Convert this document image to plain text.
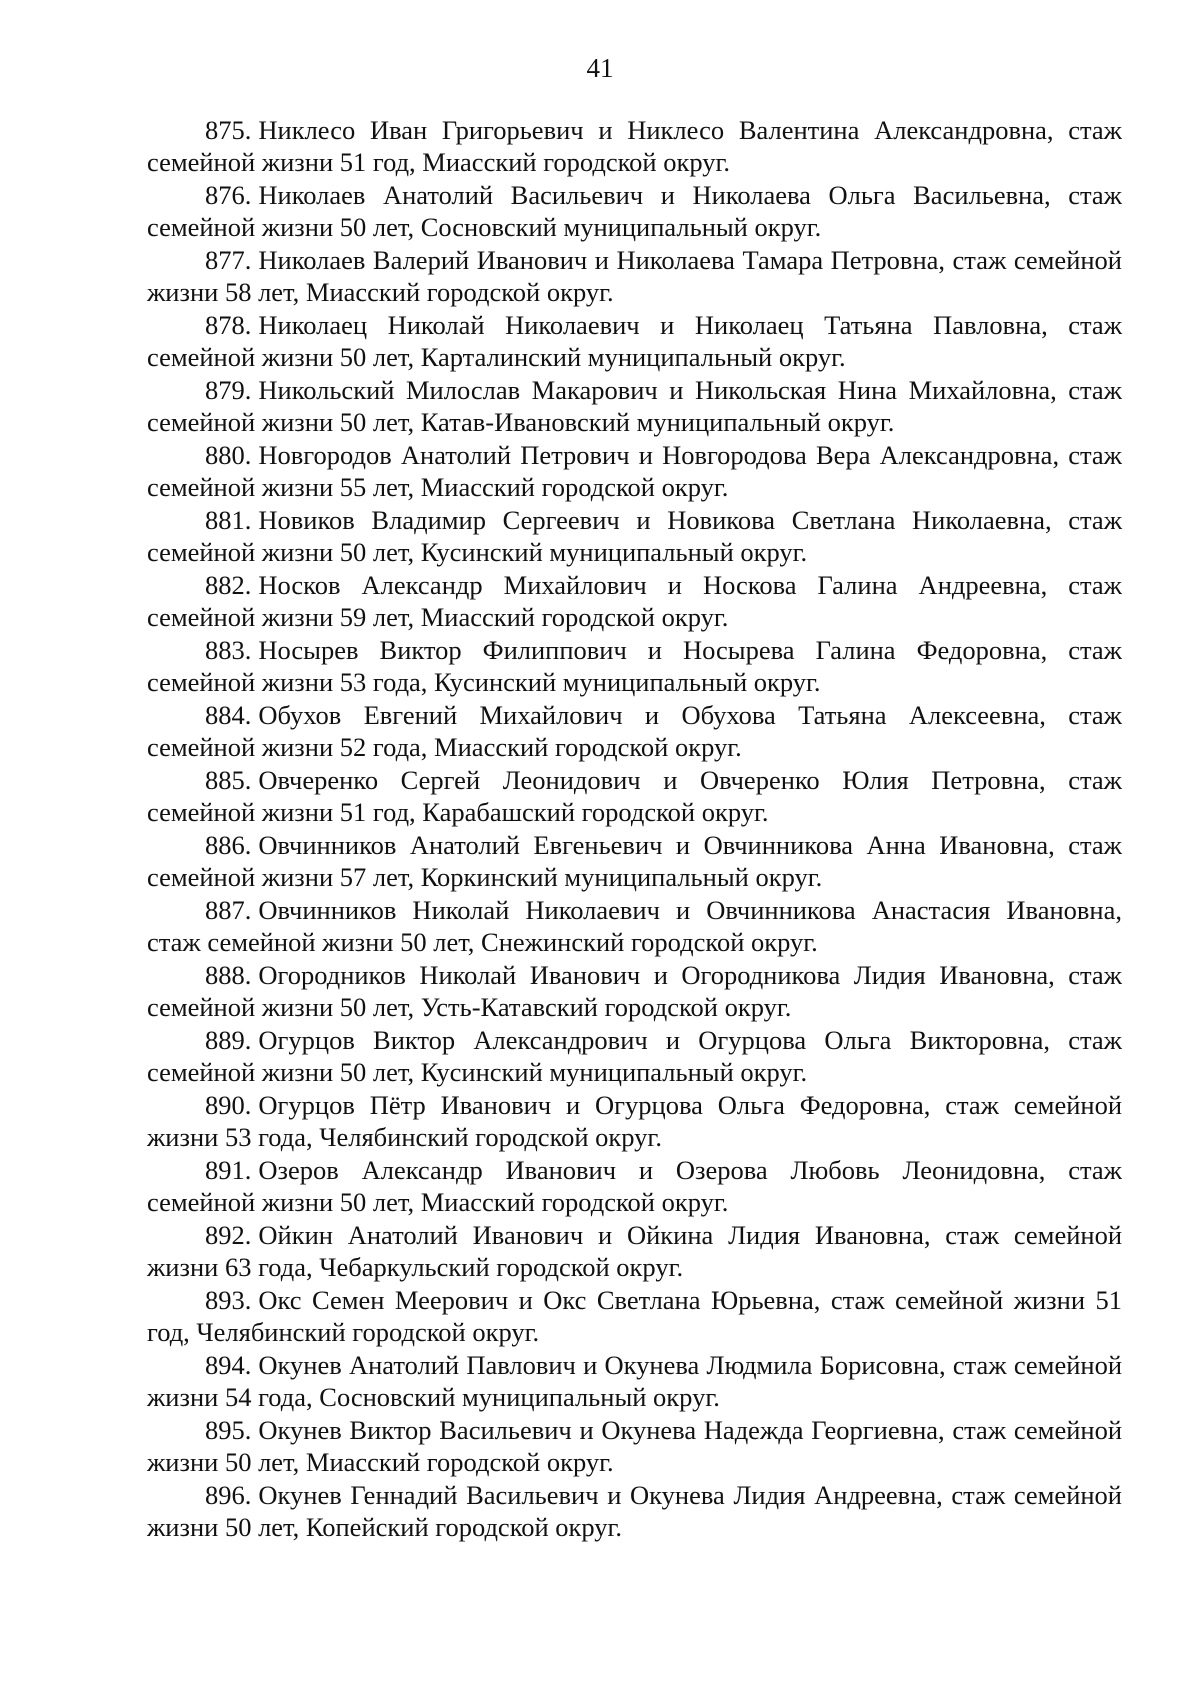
41
875. Никлесо Иван Григорьевич и Никлесо Валентина Александровна, стаж семейной жизни 51 год, Миасский городской округ.
876. Николаев Анатолий Васильевич и Николаева Ольга Васильевна, стаж семейной жизни 50 лет, Сосновский муниципальный округ.
877. Николаев Валерий Иванович и Николаева Тамара Петровна, стаж семейной жизни 58 лет, Миасский городской округ.
878. Николаец Николай Николаевич и Николаец Татьяна Павловна, стаж семейной жизни 50 лет, Карталинский муниципальный округ.
879. Никольский Милослав Макарович и Никольская Нина Михайловна, стаж семейной жизни 50 лет, Катав-Ивановский муниципальный округ.
880. Новгородов Анатолий Петрович и Новгородова Вера Александровна, стаж семейной жизни 55 лет, Миасский городской округ.
881. Новиков Владимир Сергеевич и Новикова Светлана Николаевна, стаж семейной жизни 50 лет, Кусинский муниципальный округ.
882. Носков Александр Михайлович и Носкова Галина Андреевна, стаж семейной жизни 59 лет, Миасский городской округ.
883. Носырев Виктор Филиппович и Носырева Галина Федоровна, стаж семейной жизни 53 года, Кусинский муниципальный округ.
884. Обухов Евгений Михайлович и Обухова Татьяна Алексеевна, стаж семейной жизни 52 года, Миасский городской округ.
885. Овчеренко Сергей Леонидович и Овчеренко Юлия Петровна, стаж семейной жизни 51 год, Карабашский городской округ.
886. Овчинников Анатолий Евгеньевич и Овчинникова Анна Ивановна, стаж семейной жизни 57 лет, Коркинский муниципальный округ.
887. Овчинников Николай Николаевич и Овчинникова Анастасия Ивановна, стаж семейной жизни 50 лет, Снежинский городской округ.
888. Огородников Николай Иванович и Огородникова Лидия Ивановна, стаж семейной жизни 50 лет, Усть-Катавский городской округ.
889. Огурцов Виктор Александрович и Огурцова Ольга Викторовна, стаж семейной жизни 50 лет, Кусинский муниципальный округ.
890. Огурцов Пётр Иванович и Огурцова Ольга Федоровна, стаж семейной жизни 53 года, Челябинский городской округ.
891. Озеров Александр Иванович и Озерова Любовь Леонидовна, стаж семейной жизни 50 лет, Миасский городской округ.
892. Ойкин Анатолий Иванович и Ойкина Лидия Ивановна, стаж семейной жизни 63 года, Чебаркульский городской округ.
893. Окс Семен Меерович и Окс Светлана Юрьевна, стаж семейной жизни 51 год, Челябинский городской округ.
894. Окунев Анатолий Павлович и Окунева Людмила Борисовна, стаж семейной жизни 54 года, Сосновский муниципальный округ.
895. Окунев Виктор Васильевич и Окунева Надежда Георгиевна, стаж семейной жизни 50 лет, Миасский городской округ.
896. Окунев Геннадий Васильевич и Окунева Лидия Андреевна, стаж семейной жизни 50 лет, Копейский городской округ.
